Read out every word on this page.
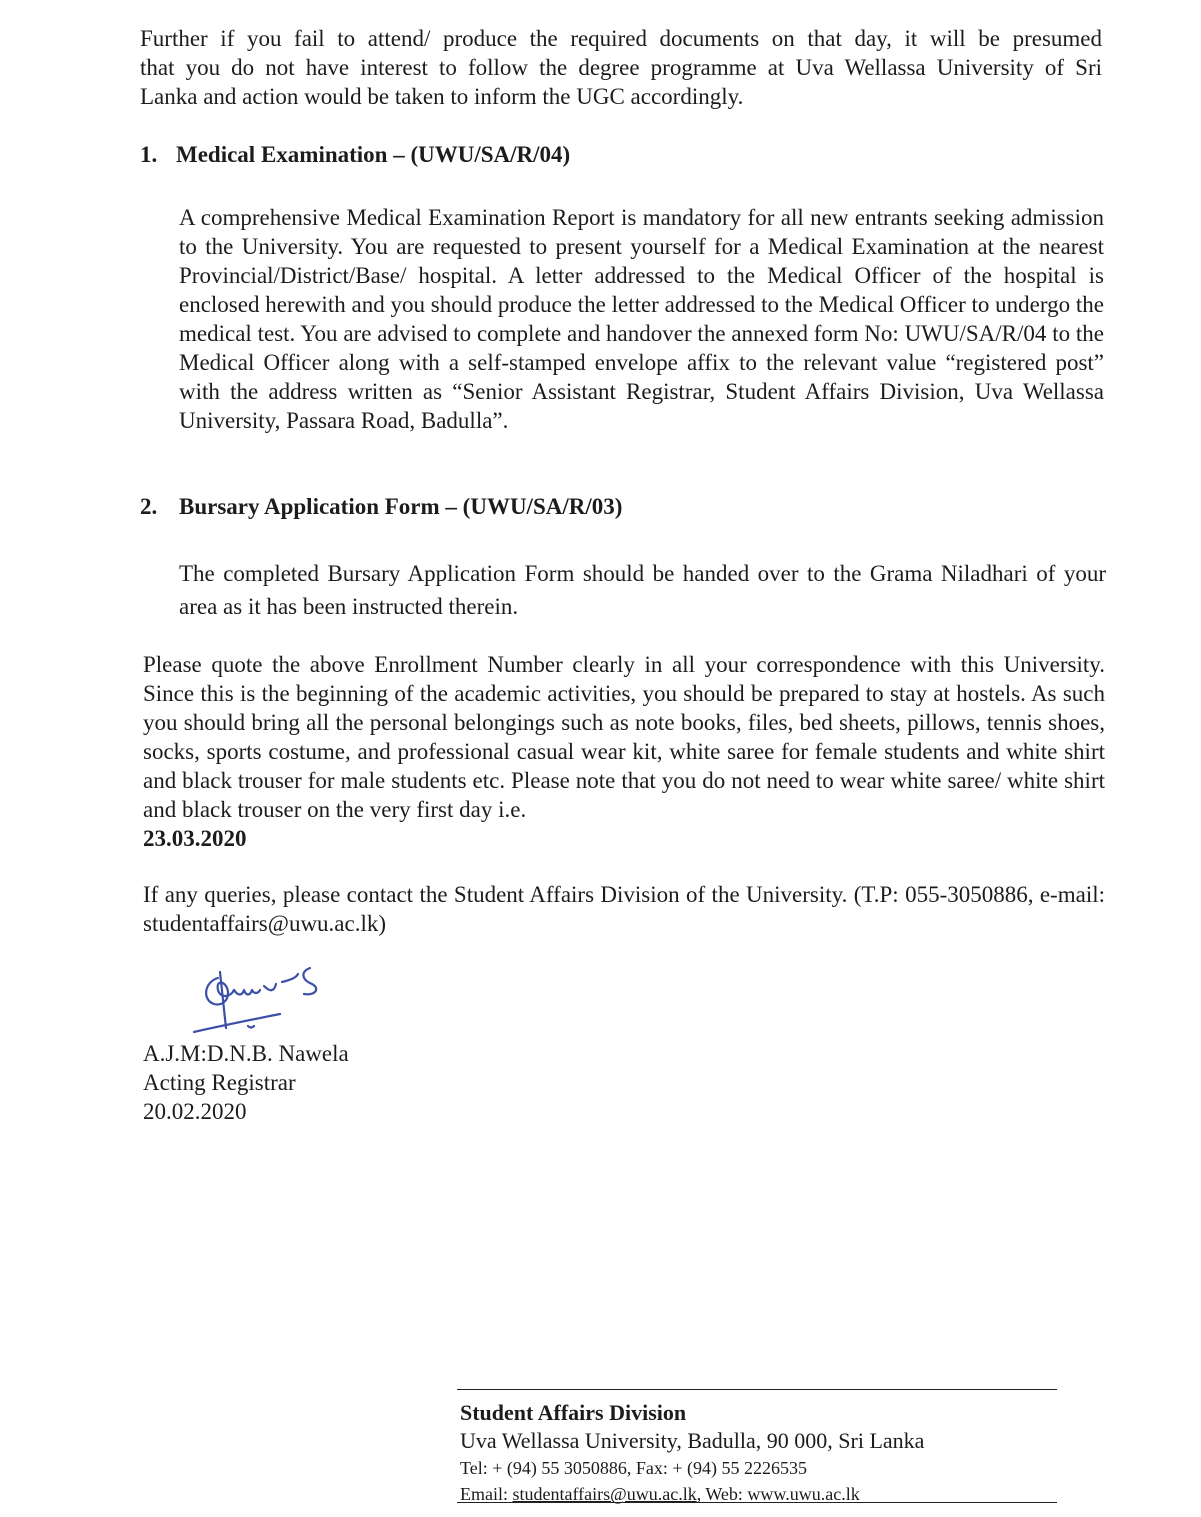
Further if you fail to attend/ produce the required documents on that day, it will be presumed

that you do not have interest to follow the degree programme at Uva Wellassa University of Sri

Lanka and action would be taken to inform the UGC accordingly.

1. Medical Examination – (UWU/SA/R/04)

A comprehensive Medical Examination Report is mandatory for all new entrants seeking admission to the University. You are requested to present yourself for a Medical Examination at the nearest Provincial/District/Base/ hospital. A letter addressed to the Medical Officer of the hospital is enclosed herewith and you should produce the letter addressed to the Medical Officer to undergo the medical test. You are advised to complete and handover the annexed form No: UWU/SA/R/04 to the Medical Officer along with a self-stamped envelope affix to the relevant value “registered post” with the address written as “Senior Assistant Registrar, Student Affairs Division, Uva Wellassa University, Passara Road, Badulla”.

2. Bursary Application Form – (UWU/SA/R/03)

The completed Bursary Application Form should be handed over to the Grama Niladhari of your area as it has been instructed therein.

Please quote the above Enrollment Number clearly in all your correspondence with this University. Since this is the beginning of the academic activities, you should be prepared to stay at hostels. As such you should bring all the personal belongings such as note books, files, bed sheets, pillows, tennis shoes, socks, sports costume, and professional casual wear kit, white saree for female students and white shirt and black trouser for male students etc. Please note that you do not need to wear white saree/ white shirt and black trouser on the very first day i.e.

23.03.2020

If any queries, please contact the Student Affairs Division of the University. (T.P: 055-3050886, e-mail: studentaffairs@uwu.ac.lk)

A.J.M:D.N.B. Nawela
Acting Registrar
20.02.2020
Student Affairs Division
Uva Wellassa University, Badulla, 90 000, Sri Lanka
Tel: + (94) 55 3050886, Fax: + (94) 55 2226535
Email: studentaffairs@uwu.ac.lk, Web: www.uwu.ac.lk
